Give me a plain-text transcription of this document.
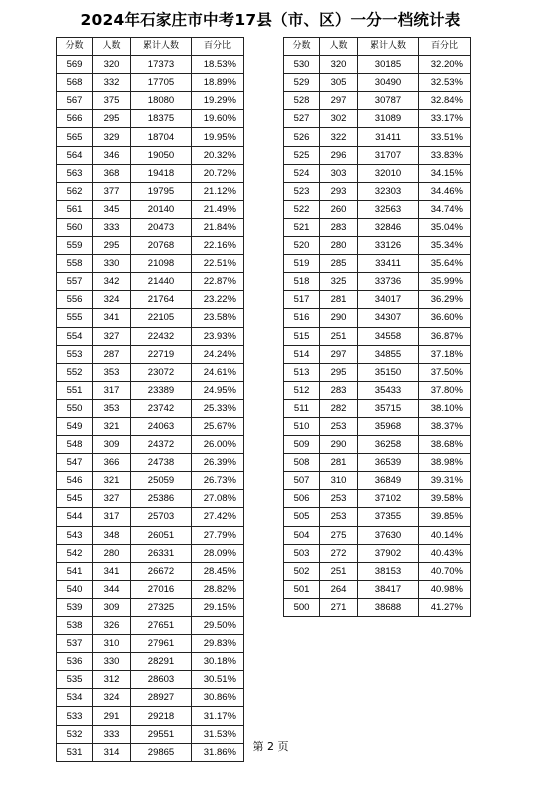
2024年石家庄市中考17县（市、区）一分一档统计表
分数	人数	累计人数	百分比
569	320	17373	18.53%
568	332	17705	18.89%
567	375	18080	19.29%
566	295	18375	19.60%
565	329	18704	19.95%
564	346	19050	20.32%
563	368	19418	20.72%
562	377	19795	21.12%
561	345	20140	21.49%
560	333	20473	21.84%
559	295	20768	22.16%
558	330	21098	22.51%
557	342	21440	22.87%
556	324	21764	23.22%
555	341	22105	23.58%
554	327	22432	23.93%
553	287	22719	24.24%
552	353	23072	24.61%
551	317	23389	24.95%
550	353	23742	25.33%
549	321	24063	25.67%
548	309	24372	26.00%
547	366	24738	26.39%
546	321	25059	26.73%
545	327	25386	27.08%
544	317	25703	27.42%
543	348	26051	27.79%
542	280	26331	28.09%
541	341	26672	28.45%
540	344	27016	28.82%
539	309	27325	29.15%
538	326	27651	29.50%
537	310	27961	29.83%
536	330	28291	30.18%
535	312	28603	30.51%
534	324	28927	30.86%
533	291	29218	31.17%
532	333	29551	31.53%
531	314	29865	31.86%
分数	人数	累计人数	百分比
530	320	30185	32.20%
529	305	30490	32.53%
528	297	30787	32.84%
527	302	31089	33.17%
526	322	31411	33.51%
525	296	31707	33.83%
524	303	32010	34.15%
523	293	32303	34.46%
522	260	32563	34.74%
521	283	32846	35.04%
520	280	33126	35.34%
519	285	33411	35.64%
518	325	33736	35.99%
517	281	34017	36.29%
516	290	34307	36.60%
515	251	34558	36.87%
514	297	34855	37.18%
513	295	35150	37.50%
512	283	35433	37.80%
511	282	35715	38.10%
510	253	35968	38.37%
509	290	36258	38.68%
508	281	36539	38.98%
507	310	36849	39.31%
506	253	37102	39.58%
505	253	37355	39.85%
504	275	37630	40.14%
503	272	37902	40.43%
502	251	38153	40.70%
501	264	38417	40.98%
500	271	38688	41.27%
第 2 页
